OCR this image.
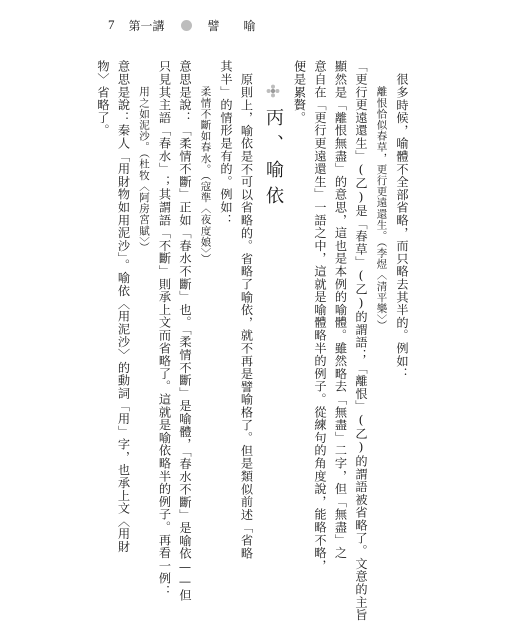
7 第一講	譬　喻
很多時候，喻體不全部省略，而只略去其半的。例如：
離恨恰似春草，更行更遠還生。（李煜〈清平樂〉）
「更行更遠還生」(乙)是「春草」(乙)的謂語；「離恨」(乙)的謂語被省略了。文意的主旨
顯然是「離恨無盡」的意思，這也是本例的喻體。雖然略去「無盡」二字，但「無盡」之
意自在「更行更遠還生」一語之中，這就是喻體略半的例子。從練句的角度說，能略不略，
便是累贅。
丙、喻依
原則上，喻依是不可以省略的。省略了喻依，就不再是譬喻格了。但是類似前述「省略
其半」的情形是有的。例如：
柔情不斷如春水。（寇準〈夜度娘〉）
意思是說：「柔情不斷」正如「春水不斷」也。「柔情不斷」是喻體，「春水不斷」是喻依——但
只見其主語「春水」；其謂語「不斷」則承上文而省略了。這就是喻依略半的例子。再看一例：
用之如泥沙。（杜牧〈阿房宮賦〉）
意思是說：秦人「用財物如用泥沙」。喻依〈用泥沙〉的動詞「用」字，也承上文〈用財
物〉省略了。
